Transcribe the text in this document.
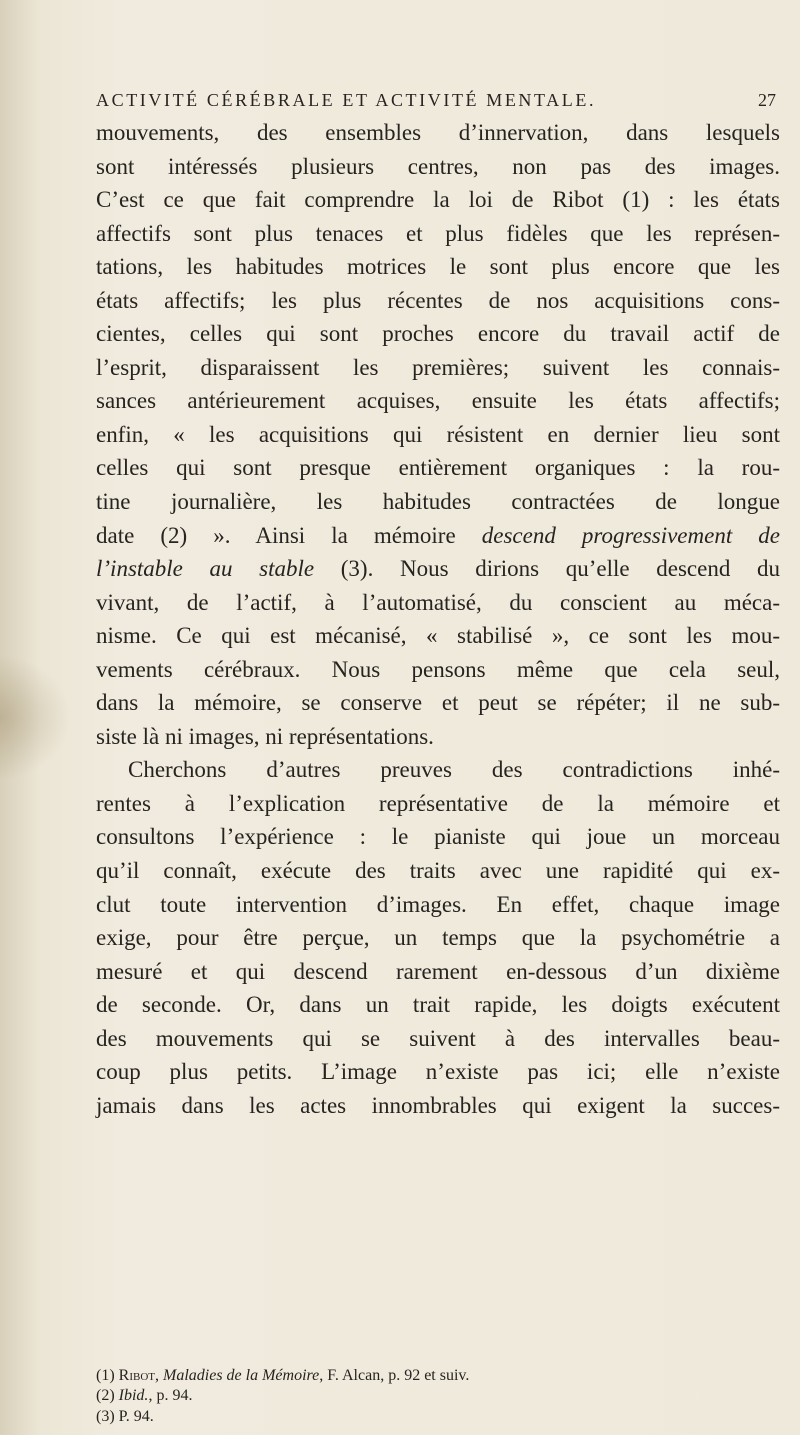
ACTIVITÉ CÉRÉBRALE ET ACTIVITÉ MENTALE.	27
mouvements, des ensembles d’innervation, dans lesquels
sont intéressés plusieurs centres, non pas des images.
C’est ce que fait comprendre la loi de Ribot (1) : les états
affectifs sont plus tenaces et plus fidèles que les représen-
tations, les habitudes motrices le sont plus encore que les
états affectifs; les plus récentes de nos acquisitions cons-
cientes, celles qui sont proches encore du travail actif de
l’esprit, disparaissent les premières; suivent les connais-
sances antérieurement acquises, ensuite les états affectifs;
enfin, « les acquisitions qui résistent en dernier lieu sont
celles qui sont presque entièrement organiques : la rou-
tine journalière, les habitudes contractées de longue
date (2) ». Ainsi la mémoire descend progressivement de
l’instable au stable (3). Nous dirions qu’elle descend du
vivant, de l’actif, à l’automatisé, du conscient au méca-
nisme. Ce qui est mécanisé, « stabilisé », ce sont les mou-
vements cérébraux. Nous pensons même que cela seul,
dans la mémoire, se conserve et peut se répéter; il ne sub-
siste là ni images, ni représentations.
Cherchons d’autres preuves des contradictions inhé-
rentes à l’explication représentative de la mémoire et
consultons l’expérience : le pianiste qui joue un morceau
qu’il connaît, exécute des traits avec une rapidité qui ex-
clut toute intervention d’images. En effet, chaque image
exige, pour être perçue, un temps que la psychométrie a
mesuré et qui descend rarement en-dessous d’un dixième
de seconde. Or, dans un trait rapide, les doigts exécutent
des mouvements qui se suivent à des intervalles beau-
coup plus petits. L’image n’existe pas ici; elle n’existe
jamais dans les actes innombrables qui exigent la succes-
(1) Ribot, Maladies de la Mémoire, F. Alcan, p. 92 et suiv.
(2) Ibid., p. 94.
(3) P. 94.
